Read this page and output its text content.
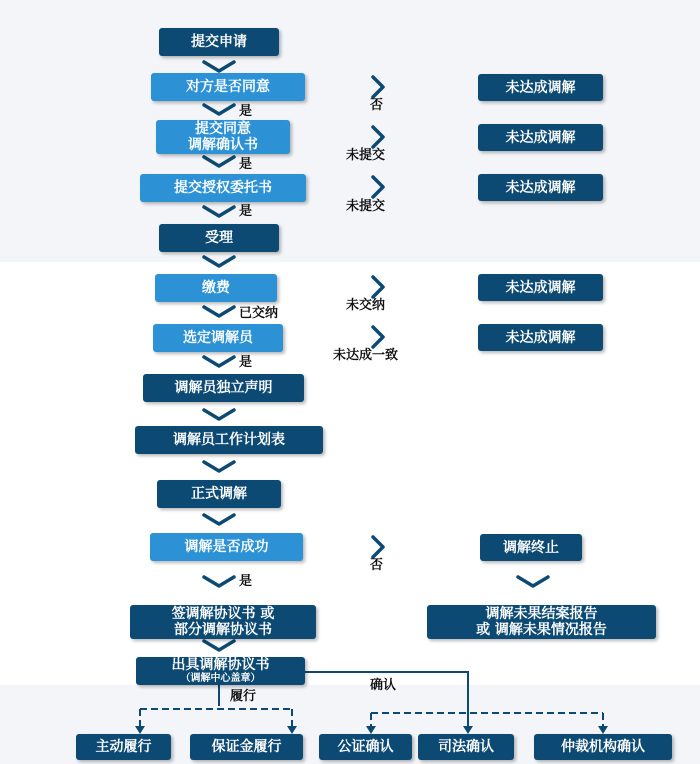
提交申请
对方是否同意
提交同意
调解确认书
提交授权委托书
受理
缴费
选定调解员
调解员独立声明
调解员工作计划表
正式调解
调解是否成功
签调解协议书 或
部分调解协议书
出具调解协议书
（调解中心盖章）
主动履行	保证金履行	公证确认	司法确认	仲裁机构确认
未达成调解
未达成调解
未达成调解
未达成调解
未达成调解
调解终止
调解未果结案报告
或 调解未果情况报告
否
未提交
未提交
未交纳
未达成一致
否
是
是
是
已交纳
是
是
履行
确认
